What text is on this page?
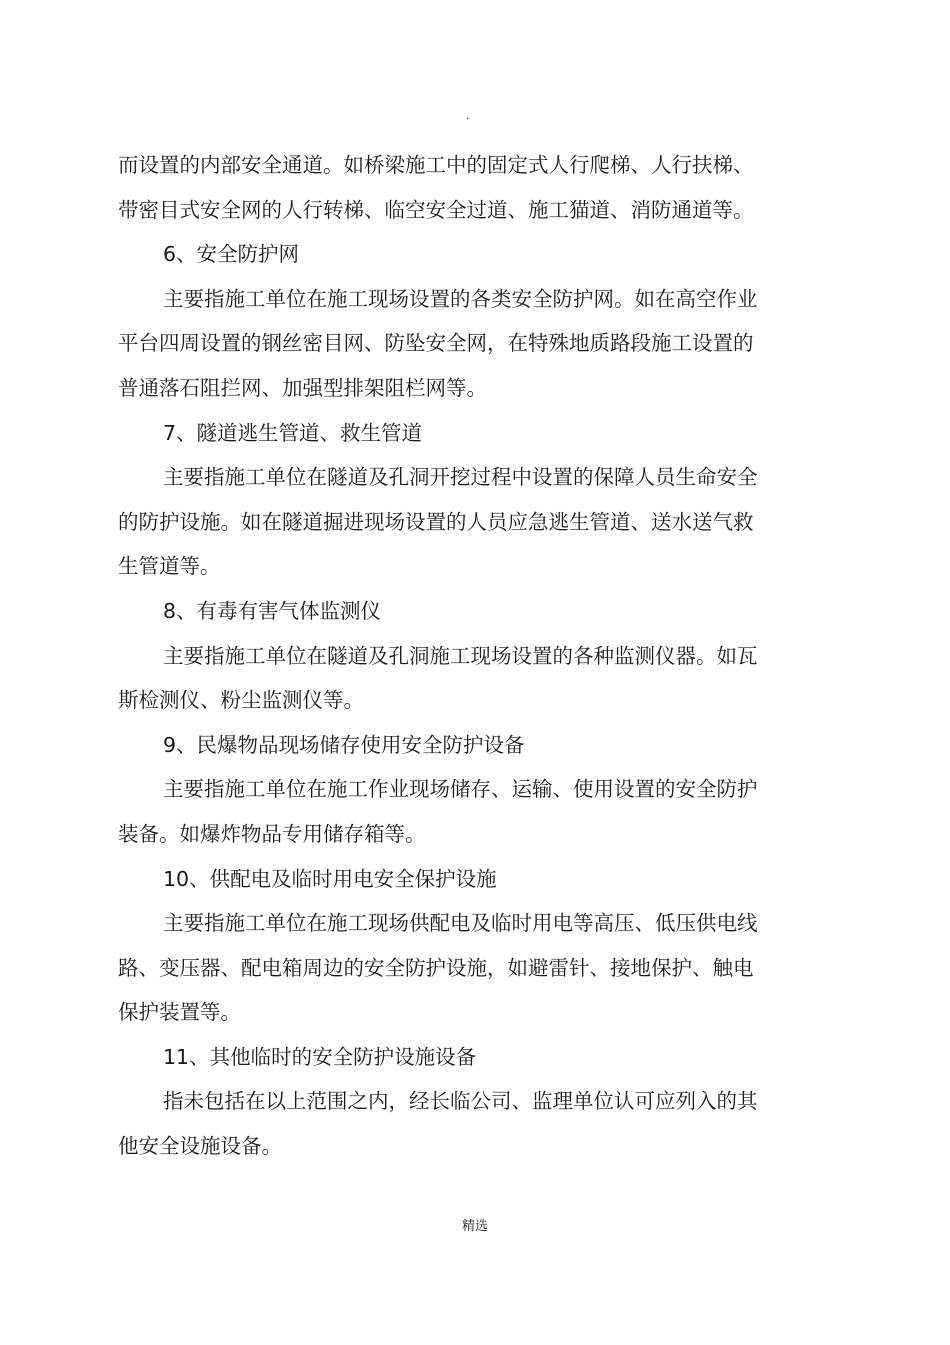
.

而设置的内部安全通道。如桥梁施工中的固定式人行爬梯、人行扶梯、

带密目式安全网的人行转梯、临空安全过道、施工猫道、消防通道等。

6、安全防护网

主要指施工单位在施工现场设置的各类安全防护网。如在高空作业

平台四周设置的钢丝密目网、防坠安全网，在特殊地质路段施工设置的

普通落石阻拦网、加强型排架阻栏网等。

7、隧道逃生管道、救生管道

主要指施工单位在隧道及孔洞开挖过程中设置的保障人员生命安全

的防护设施。如在隧道掘进现场设置的人员应急逃生管道、送水送气救

生管道等。

8、有毒有害气体监测仪

主要指施工单位在隧道及孔洞施工现场设置的各种监测仪器。如瓦

斯检测仪、粉尘监测仪等。

9、民爆物品现场储存使用安全防护设备

主要指施工单位在施工作业现场储存、运输、使用设置的安全防护

装备。如爆炸物品专用储存箱等。

10、供配电及临时用电安全保护设施

主要指施工单位在施工现场供配电及临时用电等高压、低压供电线

路、变压器、配电箱周边的安全防护设施，如避雷针、接地保护、触电

保护装置等。

11、其他临时的安全防护设施设备

指未包括在以上范围之内，经长临公司、监理单位认可应列入的其

他安全设施设备。

精选
